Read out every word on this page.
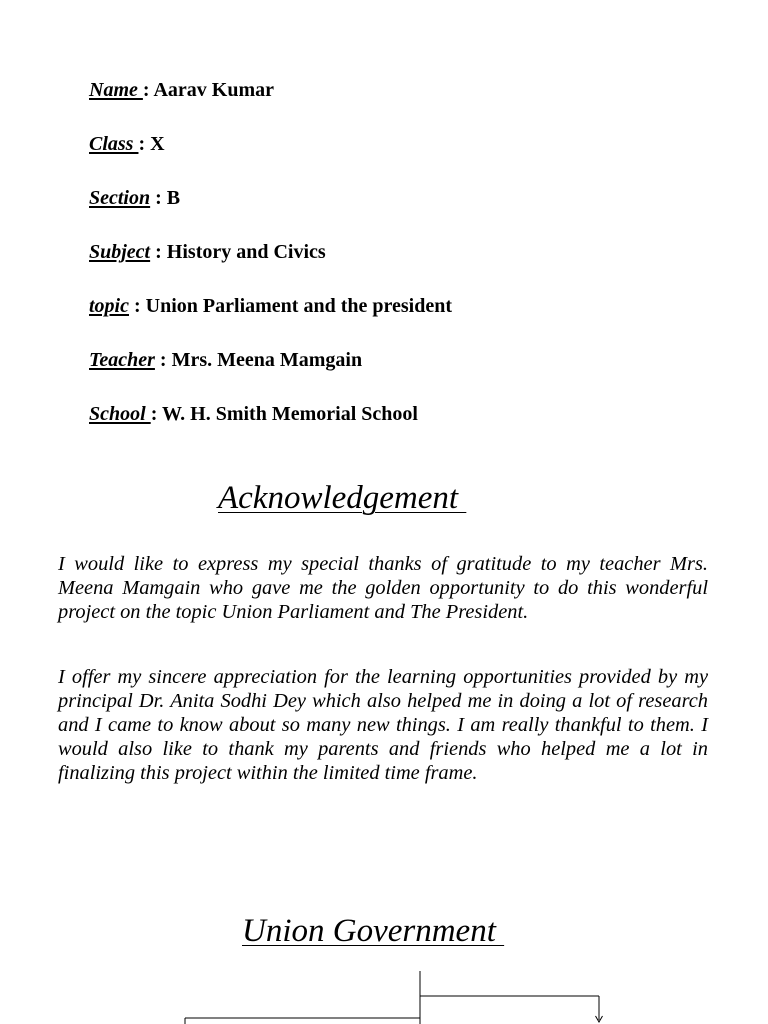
Name : Aarav Kumar
Class : X
Section : B
Subject : History and Civics
topic : Union Parliament and the president
Teacher : Mrs. Meena Mamgain
School : W. H. Smith Memorial School
Acknowledgement
I would like to express my special thanks of gratitude to my teacher Mrs. Meena Mamgain who gave me the golden opportunity to do this wonderful project on the topic Union Parliament and The President.
I offer my sincere appreciation for the learning opportunities provided by my principal Dr. Anita Sodhi Dey which also helped me in doing a lot of research and I came to know about so many new things. I am really thankful to them. I would also like to thank my parents and friends who helped me a lot in finalizing this project within the limited time frame.
Union Government
